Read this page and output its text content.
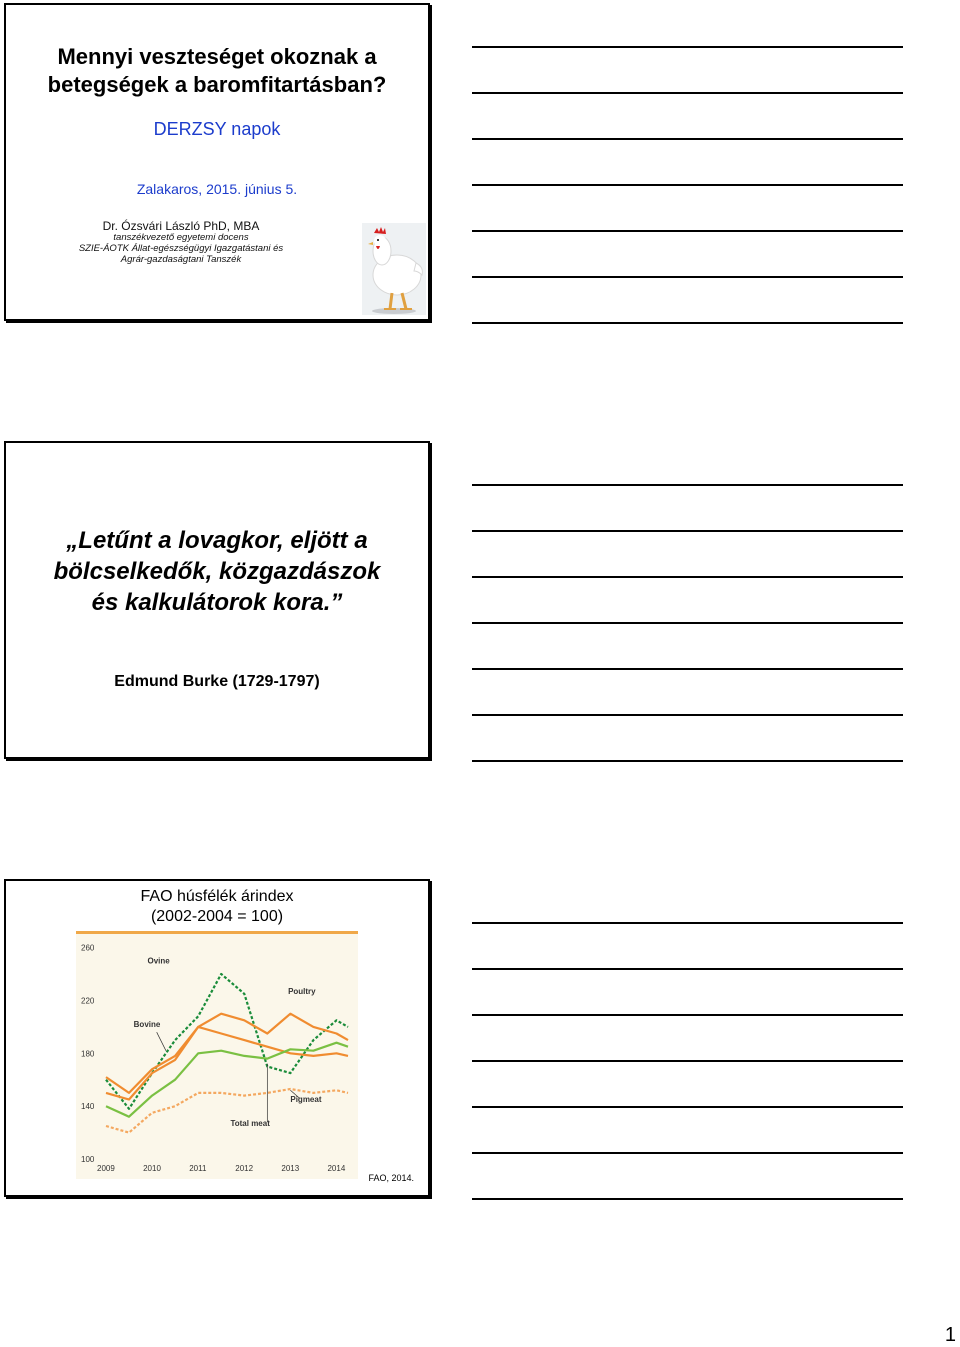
Mennyi veszteséget okoznak a betegségek a baromfitartásban?
DERZSY napok
Zalakaros, 2015. június 5.
Dr. Ózsvári László PhD, MBA
tanszékvezető egyetemi docens
SZIE-ÁOTK Állat-egészségügyi Igazgatástani és
Agrár-gazdaságtani Tanszék
„Letűnt a lovagkor, eljött a
bölcselkedők, közgazdászok
és kalkulátorok kora.”
Edmund Burke (1729-1797)
FAO húsfélék árindex
(2002-2004 = 100)
100
140
180
220
260
2009	2010	2011	2012	2013	2014
Ovine
Poultry
Bovine
Pigmeat
Total meat
FAO, 2014.
1
